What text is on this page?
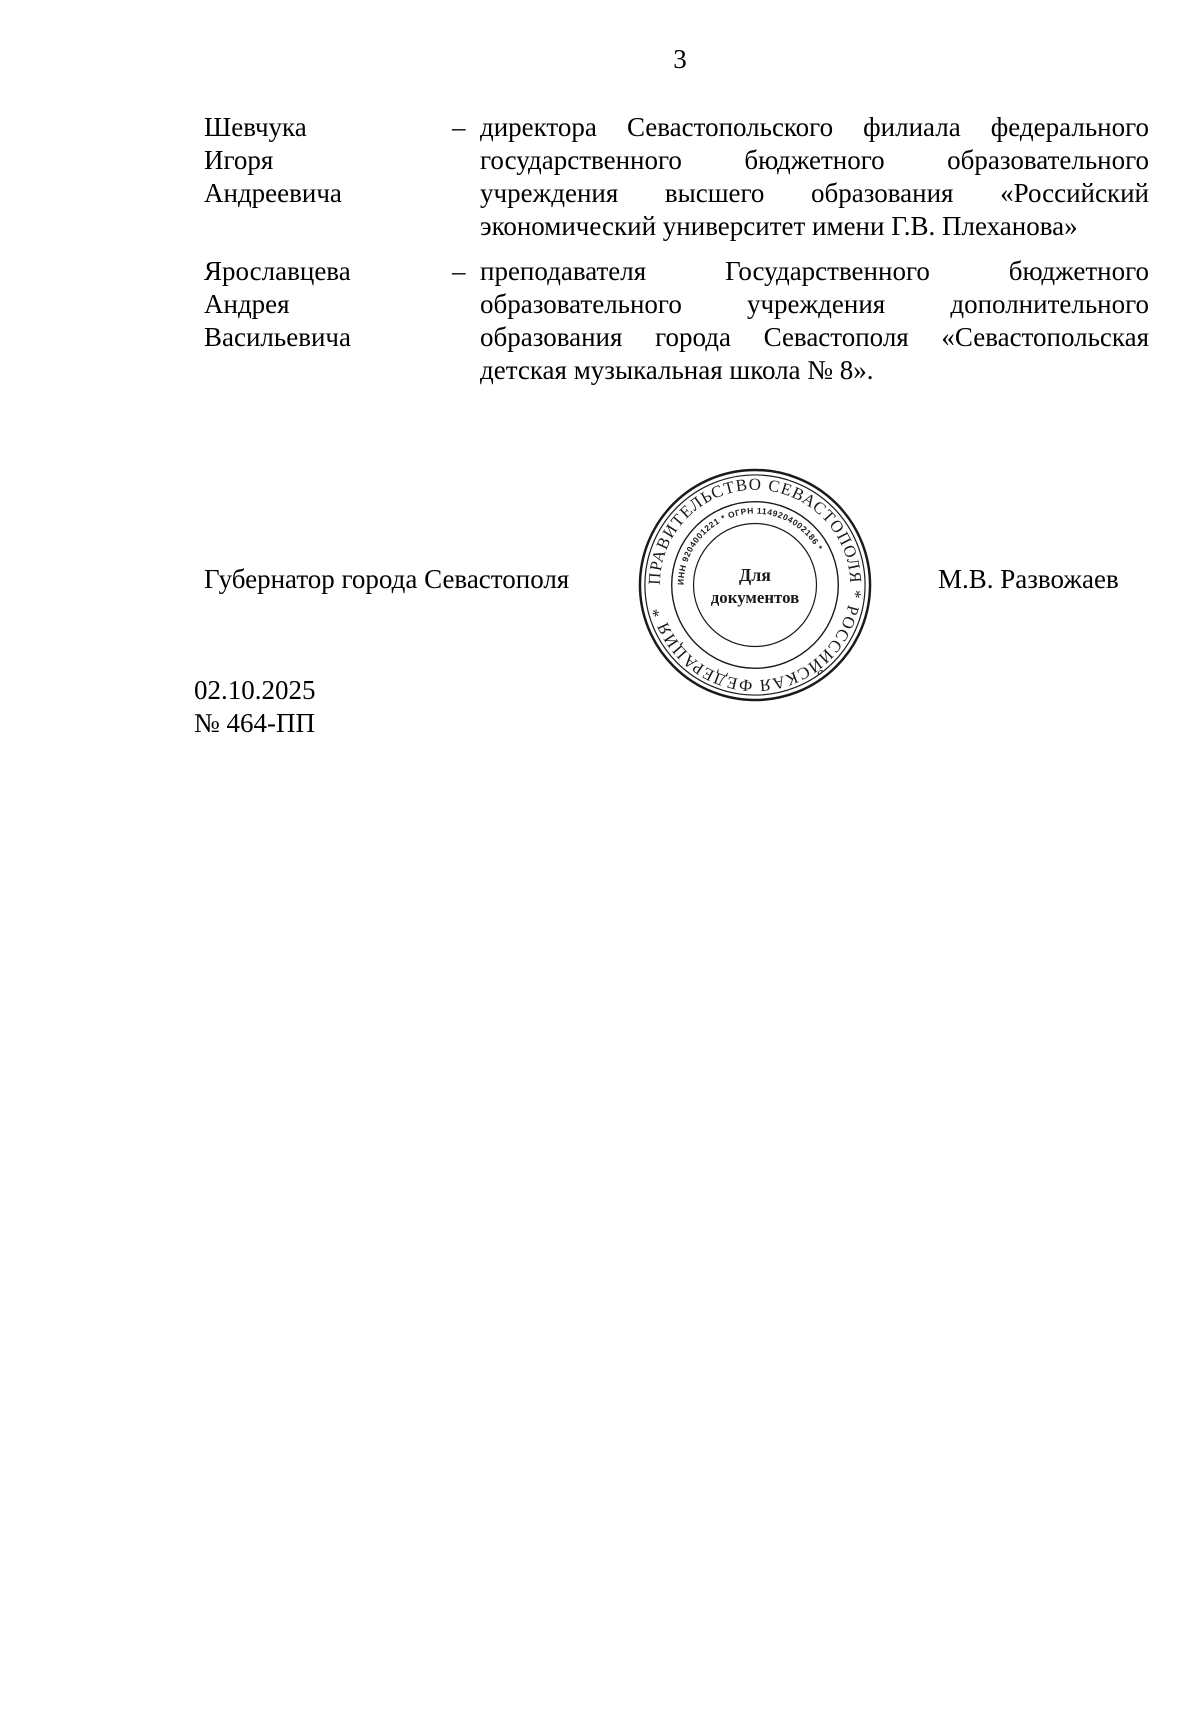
3
Шевчука
Игоря
Андреевича
– директора Севастопольского филиала федерального государственного бюджетного образовательного учреждения высшего образования «Российский экономический университет имени Г.В. Плеханова»
Ярославцева
Андрея
Васильевича
– преподавателя Государственного бюджетного образовательного учреждения дополнительного образования города Севастополя «Севастопольская детская музыкальная школа № 8».
Губернатор города Севастополя	ПРАВИТЕЛЬСТВО СЕВАСТОПОЛЯ * РОССИЙСКАЯ ФЕДЕРАЦИЯ *
ИНН 9204001221 * ОГРН 1149204002186 *
Для
документов
М.В. Развожаев
02.10.2025
№ 464-ПП
